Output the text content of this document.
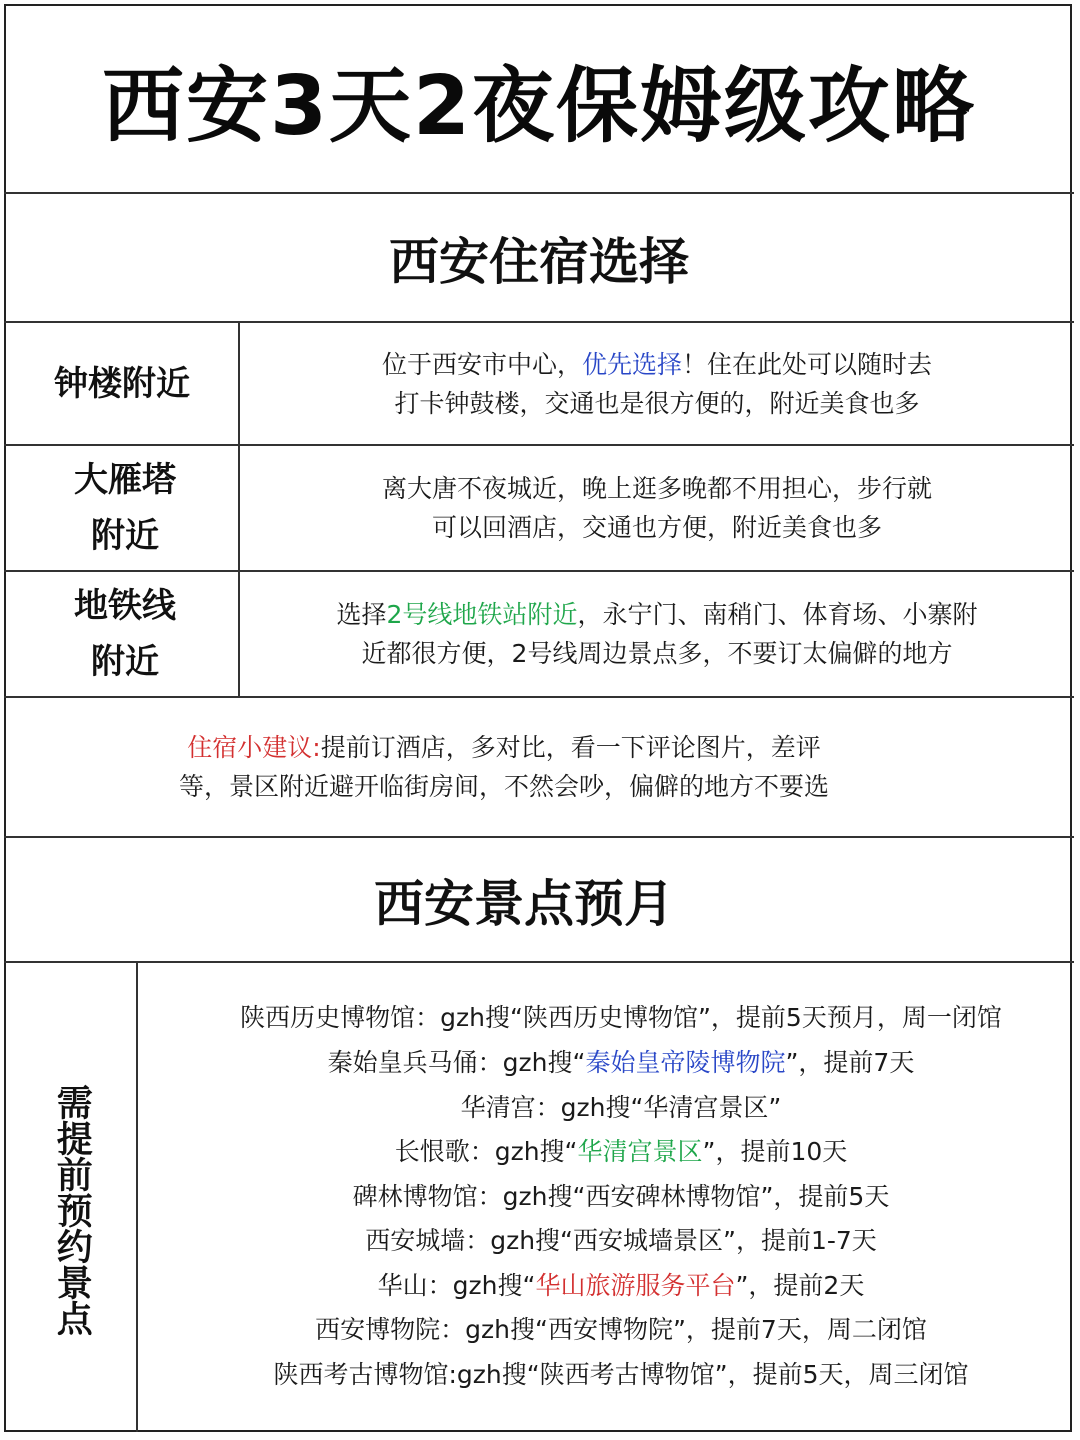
西安3天2夜保姆级攻略
西安住宿选择
钟楼附近	位于西安市中心，优先选择！住在此处可以随时去
打卡钟鼓楼，交通也是很方便的，附近美食也多
大雁塔
附近
离大唐不夜城近，晚上逛多晚都不用担心，步行就
可以回酒店，交通也方便，附近美食也多
地铁线
附近
选择2号线地铁站附近，永宁门、南稍门、体育场、小寨附
近都很方便，2号线周边景点多，不要订太偏僻的地方
住宿小建议:提前订酒店，多对比，看一下评论图片，差评
等，景区附近避开临街房间，不然会吵，偏僻的地方不要选
西安景点预月
需提前预约景点
陕西历史博物馆：gzh搜“陕西历史博物馆”，提前5天预月，周一闭馆
秦始皇兵马俑：gzh搜“秦始皇帝陵博物院”，提前7天
华清宫：gzh搜“华清宫景区”
长恨歌：gzh搜“华清宫景区”，提前10天
碑林博物馆：gzh搜“西安碑林博物馆”，提前5天
西安城墙：gzh搜“西安城墙景区”，提前1-7天
华山：gzh搜“华山旅游服务平台”，提前2天
西安博物院：gzh搜“西安博物院”，提前7天，周二闭馆
陕西考古博物馆:gzh搜“陕西考古博物馆”，提前5天，周三闭馆
